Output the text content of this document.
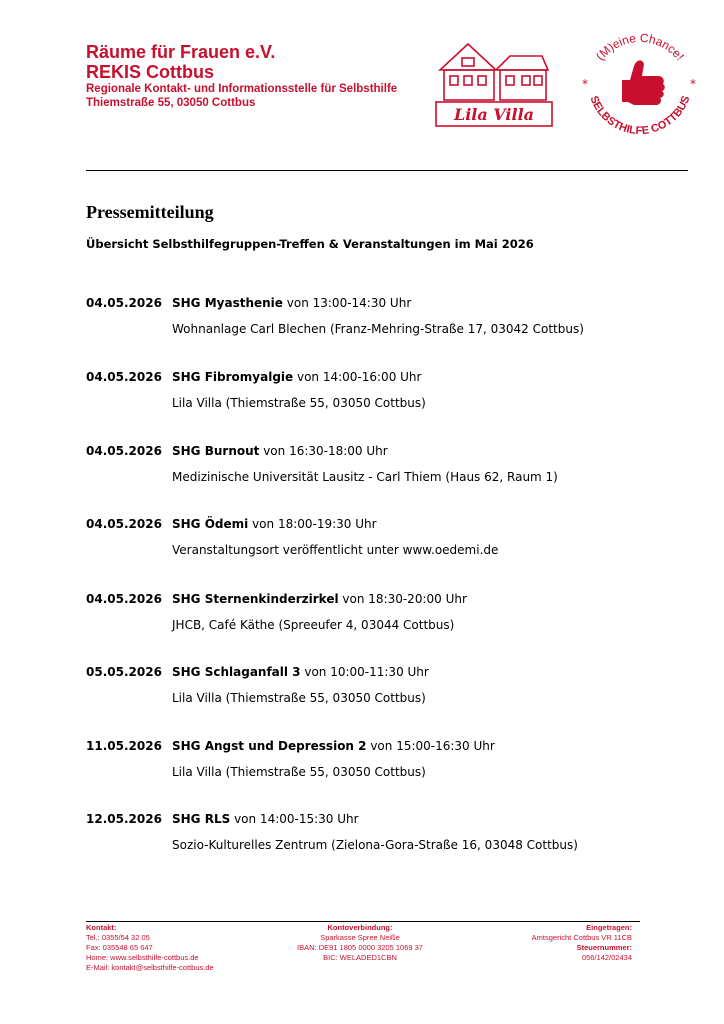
Räume für Frauen e.V.
REKIS Cottbus
Regionale Kontakt- und Informationsstelle für Selbsthilfe
Thiemstraße 55, 03050 Cottbus
Lila Villa
(M)eine Chance!
SELBSTHILFE COTTBUS
*	*
Pressemitteilung
Übersicht Selbsthilfegruppen-Treffen & Veranstaltungen im Mai 2026
04.05.2026 SHG Myasthenie von 13:00-14:30 Uhr
Wohnanlage Carl Blechen (Franz-Mehring-Straße 17, 03042 Cottbus)
04.05.2026 SHG Fibromyalgie von 14:00-16:00 Uhr
Lila Villa (Thiemstraße 55, 03050 Cottbus)
04.05.2026 SHG Burnout von 16:30-18:00 Uhr
Medizinische Universität Lausitz - Carl Thiem (Haus 62, Raum 1)
04.05.2026 SHG Ödemi von 18:00-19:30 Uhr
Veranstaltungsort veröffentlicht unter www.oedemi.de
04.05.2026 SHG Sternenkinderzirkel von 18:30-20:00 Uhr
JHCB, Café Käthe (Spreeufer 4, 03044 Cottbus)
05.05.2026 SHG Schlaganfall 3 von 10:00-11:30 Uhr
Lila Villa (Thiemstraße 55, 03050 Cottbus)
11.05.2026 SHG Angst und Depression 2 von 15:00-16:30 Uhr
Lila Villa (Thiemstraße 55, 03050 Cottbus)
12.05.2026 SHG RLS von 14:00-15:30 Uhr
Sozio-Kulturelles Zentrum (Zielona-Gora-Straße 16, 03048 Cottbus)
Kontakt:
Tel.: 0355/54 32 05
Fax: 035548 65 647
Home: www.selbsthilfe-cottbus.de
E-Mail: kontakt@selbsthilfe-cottbus.de
Kontoverbindung:
Sparkasse Spree Neiße
IBAN: DE91 1805 0000 3205 1069 37
BIC: WELADED1CBN
Eingetragen:
Amtsgericht Cottbus VR 11CB
Steuernummer:
056/142/02434
